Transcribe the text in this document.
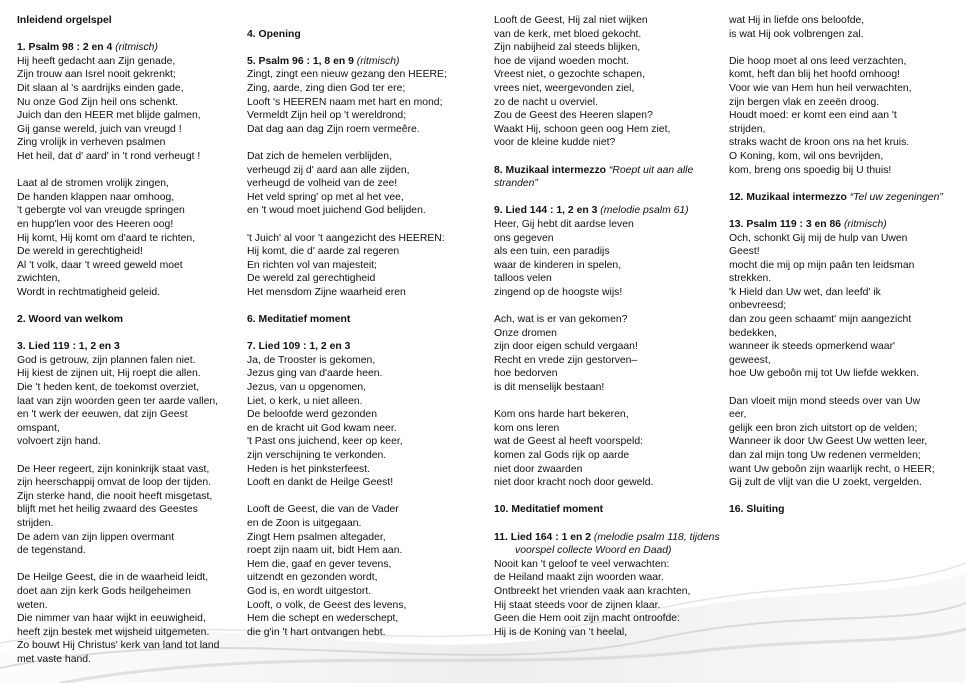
Inleidend orgelspel
1. Psalm 98 : 2 en 4 (ritmisch)
Hij heeft gedacht aan Zijn genade,
Zijn trouw aan Isrel nooit gekrenkt;
Dit slaan al 's aardrijks einden gade,
Nu onze God Zijn heil ons schenkt.
Juich dan den HEER met blijde galmen,
Gij ganse wereld, juich van vreugd !
Zing vrolijk in verheven psalmen
Het heil, dat d' aard' in 't rond verheugt !
Laat al de stromen vrolijk zingen,
De handen klappen naar omhoog,
't gebergte vol van vreugde springen
en hupp'len voor des Heeren oog!
Hij komt, Hij komt om d'aard te richten,
De wereld in gerechtigheid!
Al 't volk, daar 't wreed geweld moet
zwichten,
Wordt in rechtmatigheid geleid.
2. Woord van welkom
3. Lied 119 : 1, 2 en 3
God is getrouw, zijn plannen falen niet.
Hij kiest de zijnen uit, Hij roept die allen.
Die 't heden kent, de toekomst overziet,
laat van zijn woorden geen ter aarde vallen,
en 't werk der eeuwen, dat zijn Geest
omspant,
volvoert zijn hand.
De Heer regeert, zijn koninkrijk staat vast,
zijn heerschappij omvat de loop der tijden.
Zijn sterke hand, die nooit heeft misgetast,
blijft met het heilig zwaard des Geestes
strijden.
De adem van zijn lippen overmant
de tegenstand.
De Heilge Geest, die in de waarheid leidt,
doet aan zijn kerk Gods heilgeheimen
weten.
Die nimmer van haar wijkt in eeuwigheid,
heeft zijn bestek met wijsheid uitgemeten.
Zo bouwt Hij Christus' kerk van land tot land
met vaste hand.
4. Opening
5. Psalm 96 : 1, 8 en 9 (ritmisch)
Zingt, zingt een nieuw gezang den HEERE;
Zing, aarde, zing dien God ter ere;
Looft 's HEEREN naam met hart en mond;
Vermeldt Zijn heil op 't wereldrond;
Dat dag aan dag Zijn roem vermeêre.
Dat zich de hemelen verblijden,
verheugd zij d' aard aan alle zijden,
verheugd de volheid van de zee!
Het veld spring' op met al het vee,
en 't woud moet juichend God belijden.
't Juich' al voor 't aangezicht des HEEREN:
Hij komt, die d' aarde zal regeren
En richten vol van majesteit;
De wereld zal gerechtigheid
Het mensdom Zijne waarheid eren
6. Meditatief moment
7. Lied 109 : 1, 2 en 3
Ja, de Trooster is gekomen,
Jezus ging van d'aarde heen.
Jezus, van u opgenomen,
Liet, o kerk, u niet alleen.
De beloofde werd gezonden
en de kracht uit God kwam neer.
't Past ons juichend, keer op keer,
zijn verschijning te verkonden.
Heden is het pinksterfeest.
Looft en dankt de Heilge Geest!
Looft de Geest, die van de Vader
en de Zoon is uitgegaan.
Zingt Hem psalmen altegader,
roept zijn naam uit, bidt Hem aan.
Hem die, gaaf en gever tevens,
uitzendt en gezonden wordt,
God is, en wordt uitgestort.
Looft, o volk, de Geest des levens,
Hem die schept en wederschept,
die g'in 't hart ontvangen hebt.
Looft de Geest, Hij zal niet wijken
van de kerk, met bloed gekocht.
Zijn nabijheid zal steeds blijken,
hoe de vijand woeden mocht.
Vreest niet, o gezochte schapen,
vrees niet, weergevonden ziel,
zo de nacht u overviel.
Zou de Geest des Heeren slapen?
Waakt Hij, schoon geen oog Hem ziet,
voor de kleine kudde niet?
8. Muzikaal intermezzo “Roept uit aan alle stranden”
9. Lied 144 : 1, 2 en 3 (melodie psalm 61)
Heer, Gij hebt dit aardse leven
ons gegeven
als een tuin, een paradijs
waar de kinderen in spelen,
talloos velen
zingend op de hoogste wijs!
Ach, wat is er van gekomen?
Onze dromen
zijn door eigen schuld vergaan!
Recht en vrede zijn gestorven–
hoe bedorven
is dit menselijk bestaan!
Kom ons harde hart bekeren,
kom ons leren
wat de Geest al heeft voorspeld:
komen zal Gods rijk op aarde
niet door zwaarden
niet door kracht noch door geweld.
10. Meditatief moment
11. Lied 164 : 1 en 2 (melodie psalm 118, tijdens voorspel collecte Woord en Daad)
Nooit kan 't geloof te veel verwachten:
de Heiland maakt zijn woorden waar.
Ontbreekt het vrienden vaak aan krachten,
Hij staat steeds voor de zijnen klaar.
Geen die Hem ooit zijn macht ontroofde:
Hij is de Koning van 't heelal,
wat Hij in liefde ons beloofde,
is wat Hij ook volbrengen zal.
Die hoop moet al ons leed verzachten,
komt, heft dan blij het hoofd omhoog!
Voor wie van Hem hun heil verwachten,
zijn bergen vlak en zeeën droog.
Houdt moed: er komt een eind aan 't
strijden,
straks wacht de kroon ons na het kruis.
O Koning, kom, wil ons bevrijden,
kom, breng ons spoedig bij U thuis!
12. Muzikaal intermezzo “Tel uw zegeningen”
13. Psalm 119 : 3 en 86 (ritmisch)
Och, schonkt Gij mij de hulp van Uwen
Geest!
mocht die mij op mijn paân ten leidsman
strekken.
'k Hield dan Uw wet, dan leefd' ik
onbevreesd;
dan zou geen schaamt' mijn aangezicht
bedekken,
wanneer ik steeds opmerkend waar'
geweest,
hoe Uw geboôn mij tot Uw liefde wekken.
Dan vloeit mijn mond steeds over van Uw
eer,
gelijk een bron zich uitstort op de velden;
Wanneer ik door Uw Geest Uw wetten leer,
dan zal mijn tong Uw redenen vermelden;
want Uw geboôn zijn waarlijk recht, o HEER;
Gij zult de vlijt van die U zoekt, vergelden.
16. Sluiting
